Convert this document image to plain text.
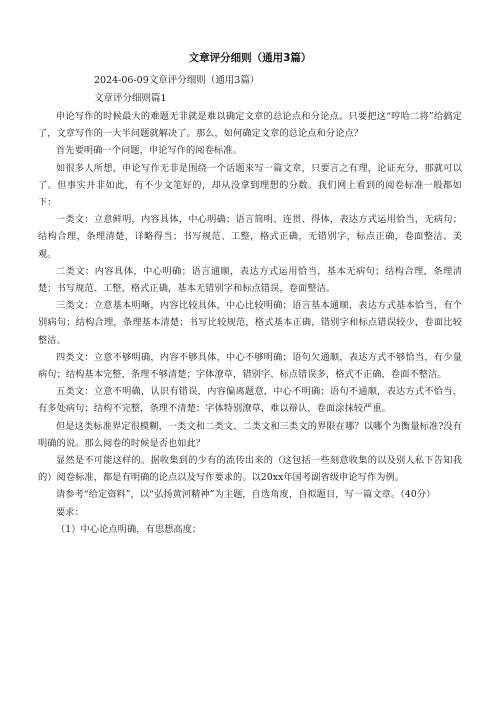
文章评分细则（通用3篇）
2024-06-09文章评分细则（通用3篇）
文章评分细则篇1

申论写作的时候最大的难题无非就是难以确定文章的总论点和分论点。只要把这“哼哈二将”给搞定了，文章写作的一大半问题就解决了。那么，如何确定文章的总论点和分论点？

首先要明确一个问题，申论写作的阅卷标准。

如很多人所想，申论写作无非是围绕一个话题来写一篇文章，只要言之有理，论证充分，那就可以了。但事实并非如此，有不少文笔好的，却从没拿到理想的分数。我们网上看到的阅卷标准一般都如下：

一类文：立意鲜明，内容具体，中心明确；语言简明、连贯、得体，表达方式运用恰当，无病句；结构合理，条理清楚，详略得当；书写规范、工整，格式正确，无错别字，标点正确，卷面整洁、美观。

二类文：内容具体，中心明确；语言通顺，表达方式运用恰当，基本无病句；结构合理，条理清楚；书写规范、工整，格式正确，基本无错别字和标点错误，卷面整洁。

三类文：立意基本明晰，内容比较具体，中心比较明确；语言基本通顺，表达方式基本恰当，有个别病句；结构合理，条理基本清楚；书写比较规范，格式基本正确，错别字和标点错误较少，卷面比较整洁。

四类文：立意不够明确，内容不够具体，中心不够明确；语句欠通顺，表达方式不够恰当，有少量病句；结构基本完整，条理不够清楚；字体潦草，错别字、标点错误多，格式不正确，卷面不整洁。

五类文：立意不明确，认识有错误，内容偏离题意，中心不明确；语句不通顺，表达方式不恰当，有多处病句；结构不完整，条理不清楚；字体特别潦草，难以辩认，卷面涂抹较严重。

但是这类标准界定很模糊，一类文和二类文、二类文和三类文的界限在哪？以哪个为衡量标准?没有明确的说。那么阅卷的时候是否也如此？

显然是不可能这样的。据收集到的少有的流传出来的（这包括一些刻意收集的以及别人私下告知我的）阅卷标准，都是有明确的论点以及写作要求的。以20xx年国考副省级申论写作为例。

请参考“给定资料”，以“弘扬黄河精神”为主题，自选角度，自拟题目，写一篇文章。（40分）

要求：

（1）中心论点明确，有思想高度；
